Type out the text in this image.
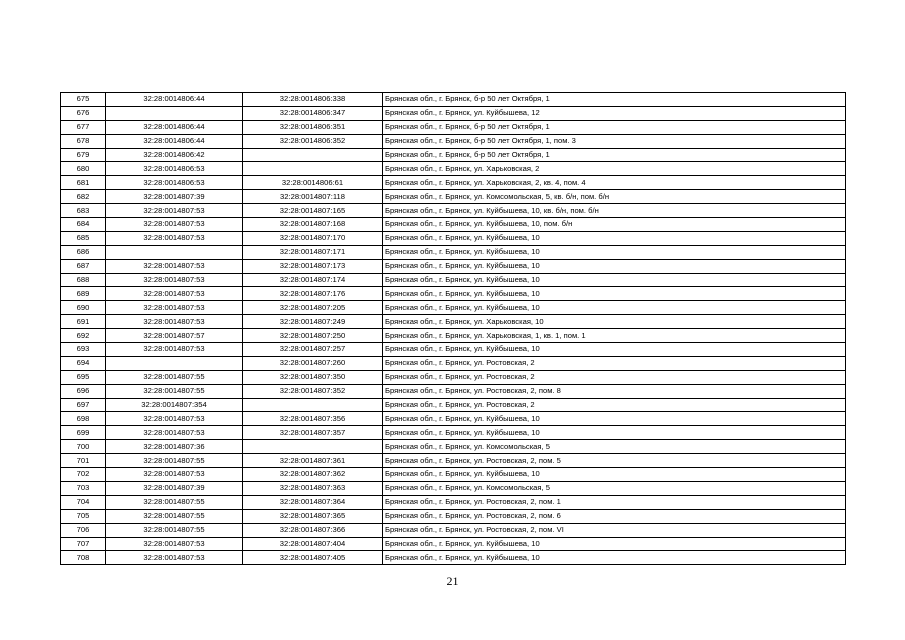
675	32:28:0014806:44	32:28:0014806:338	Брянская обл., г. Брянск, б-р 50 лет Октября, 1
676		32:28:0014806:347	Брянская обл., г. Брянск, ул. Куйбышева, 12
677	32:28:0014806:44	32:28:0014806:351	Брянская обл., г. Брянск, б-р 50 лет Октября, 1
678	32:28:0014806:44	32:28:0014806:352	Брянская обл., г. Брянск, б-р 50 лет Октября, 1, пом. 3
679	32:28:0014806:42		Брянская обл., г. Брянск, б-р 50 лет Октября, 1
680	32:28:0014806:53		Брянская обл., г. Брянск, ул. Харьковская, 2
681	32:28:0014806:53	32:28:0014806:61	Брянская обл., г. Брянск, ул. Харьковская, 2, кв. 4, пом. 4
682	32:28:0014807:39	32:28:0014807:118	Брянская обл., г. Брянск, ул. Комсомольская, 5, кв. б/н, пом. б/н
683	32:28:0014807:53	32:28:0014807:165	Брянская обл., г. Брянск, ул. Куйбышева, 10, кв. б/н, пом. б/н
684	32:28:0014807:53	32:28:0014807:168	Брянская обл., г. Брянск, ул. Куйбышева, 10, пом. б/н
685	32:28:0014807:53	32:28:0014807:170	Брянская обл., г. Брянск, ул. Куйбышева, 10
686		32:28:0014807:171	Брянская обл., г. Брянск, ул. Куйбышева, 10
687	32:28:0014807:53	32:28:0014807:173	Брянская обл., г. Брянск, ул. Куйбышева, 10
688	32:28:0014807:53	32:28:0014807:174	Брянская обл., г. Брянск, ул. Куйбышева, 10
689	32:28:0014807:53	32:28:0014807:176	Брянская обл., г. Брянск, ул. Куйбышева, 10
690	32:28:0014807:53	32:28:0014807:205	Брянская обл., г. Брянск, ул. Куйбышева, 10
691	32:28:0014807:53	32:28:0014807:249	Брянская обл., г. Брянск, ул. Харьковская, 10
692	32:28:0014807:57	32:28:0014807:250	Брянская обл., г. Брянск, ул. Харьковская, 1, кв. 1, пом. 1
693	32:28:0014807:53	32:28:0014807:257	Брянская обл., г. Брянск, ул. Куйбышева, 10
694		32:28:0014807:260	Брянская обл., г. Брянск, ул. Ростовская, 2
695	32:28:0014807:55	32:28:0014807:350	Брянская обл., г. Брянск, ул. Ростовская, 2
696	32:28:0014807:55	32:28:0014807:352	Брянская обл., г. Брянск, ул. Ростовская, 2, пом. 8
697	32:28:0014807:354		Брянская обл., г. Брянск, ул. Ростовская, 2
698	32:28:0014807:53	32:28:0014807:356	Брянская обл., г. Брянск, ул. Куйбышева, 10
699	32:28:0014807:53	32:28:0014807:357	Брянская обл., г. Брянск, ул. Куйбышева, 10
700	32:28:0014807:36		Брянская обл., г. Брянск, ул. Комсомольская, 5
701	32:28:0014807:55	32:28:0014807:361	Брянская обл., г. Брянск, ул. Ростовская, 2, пом. 5
702	32:28:0014807:53	32:28:0014807:362	Брянская обл., г. Брянск, ул. Куйбышева, 10
703	32:28:0014807:39	32:28:0014807:363	Брянская обл., г. Брянск, ул. Комсомольская, 5
704	32:28:0014807:55	32:28:0014807:364	Брянская обл., г. Брянск, ул. Ростовская, 2, пом. 1
705	32:28:0014807:55	32:28:0014807:365	Брянская обл., г. Брянск, ул. Ростовская, 2, пом. 6
706	32:28:0014807:55	32:28:0014807:366	Брянская обл., г. Брянск, ул. Ростовская, 2, пом. VI
707	32:28:0014807:53	32:28:0014807:404	Брянская обл., г. Брянск, ул. Куйбышева, 10
708	32:28:0014807:53	32:28:0014807:405	Брянская обл., г. Брянск, ул. Куйбышева, 10
21
